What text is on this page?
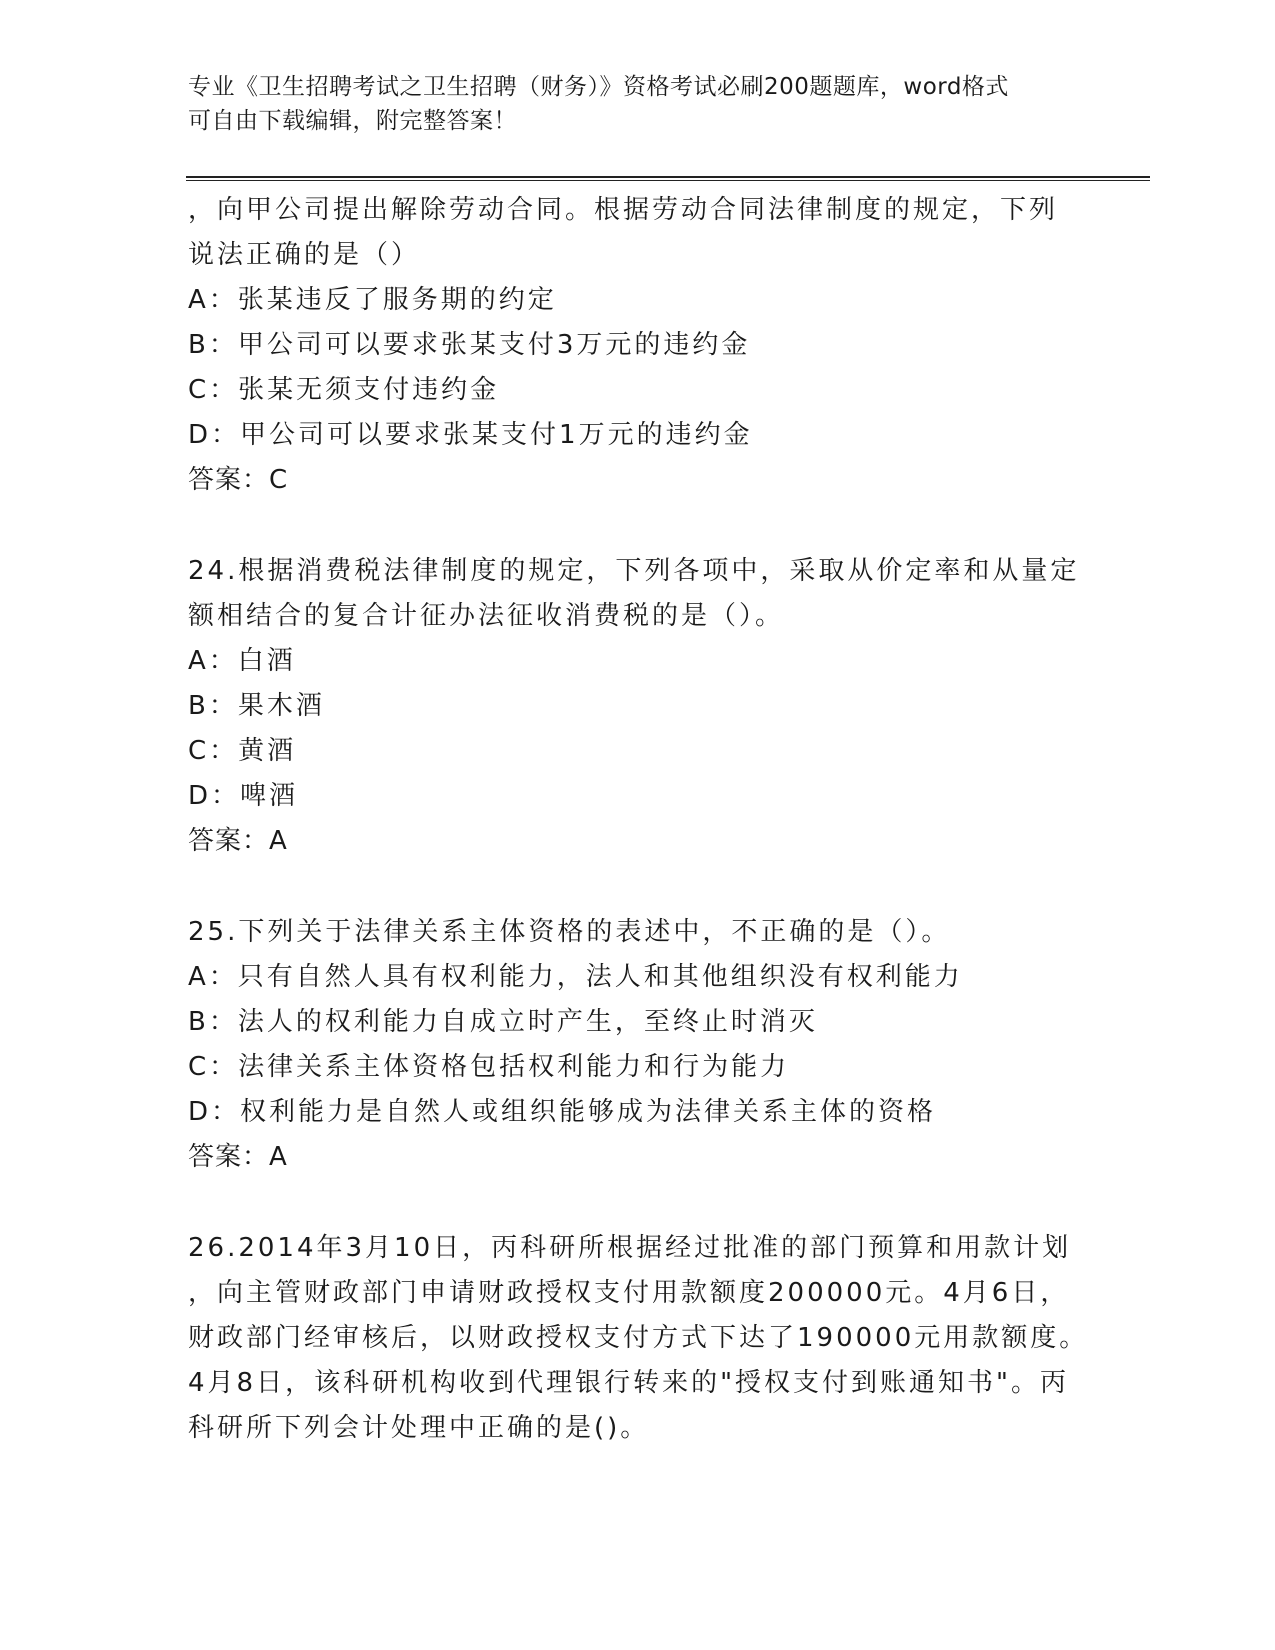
专业《卫生招聘考试之卫生招聘（财务）》资格考试必刷200题题库，word格式
可自由下载编辑，附完整答案！
，向甲公司提出解除劳动合同。根据劳动合同法律制度的规定，下列
说法正确的是（）
A：张某违反了服务期的约定
B：甲公司可以要求张某支付3万元的违约金
C：张某无须支付违约金
D：甲公司可以要求张某支付1万元的违约金
答案：C
24.根据消费税法律制度的规定，下列各项中，采取从价定率和从量定
额相结合的复合计征办法征收消费税的是（）。
A：白酒
B：果木酒
C：黄酒
D：啤酒
答案：A
25.下列关于法律关系主体资格的表述中，不正确的是（）。
A：只有自然人具有权利能力，法人和其他组织没有权利能力
B：法人的权利能力自成立时产生，至终止时消灭
C：法律关系主体资格包括权利能力和行为能力
D：权利能力是自然人或组织能够成为法律关系主体的资格
答案：A
26.2014年3月10日，丙科研所根据经过批准的部门预算和用款计划
，向主管财政部门申请财政授权支付用款额度200000元。4月6日，
财政部门经审核后，以财政授权支付方式下达了190000元用款额度。
4月8日，该科研机构收到代理银行转来的"授权支付到账通知书"。丙
科研所下列会计处理中正确的是()。
